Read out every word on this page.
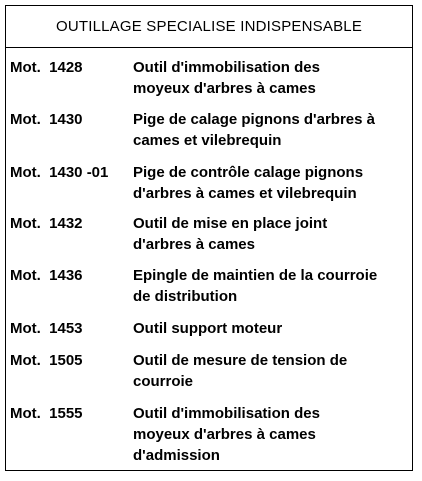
OUTILLAGE SPECIALISE INDISPENSABLE
Mot.  1428	Outil d'immobilisation des
moyeux d'arbres à cames
Mot.  1430	Pige de calage pignons d'arbres à
cames et vilebrequin
Mot.  1430 -01 Pige de contrôle calage pignons
d'arbres à cames et vilebrequin
Mot.  1432	Outil de mise en place joint
d'arbres à cames
Mot.  1436	Epingle de maintien de la courroie
de distribution
Mot.  1453	Outil support moteur
Mot.  1505	Outil de mesure de tension de
courroie
Mot.  1555	Outil d'immobilisation des
moyeux d'arbres à cames
d'admission
